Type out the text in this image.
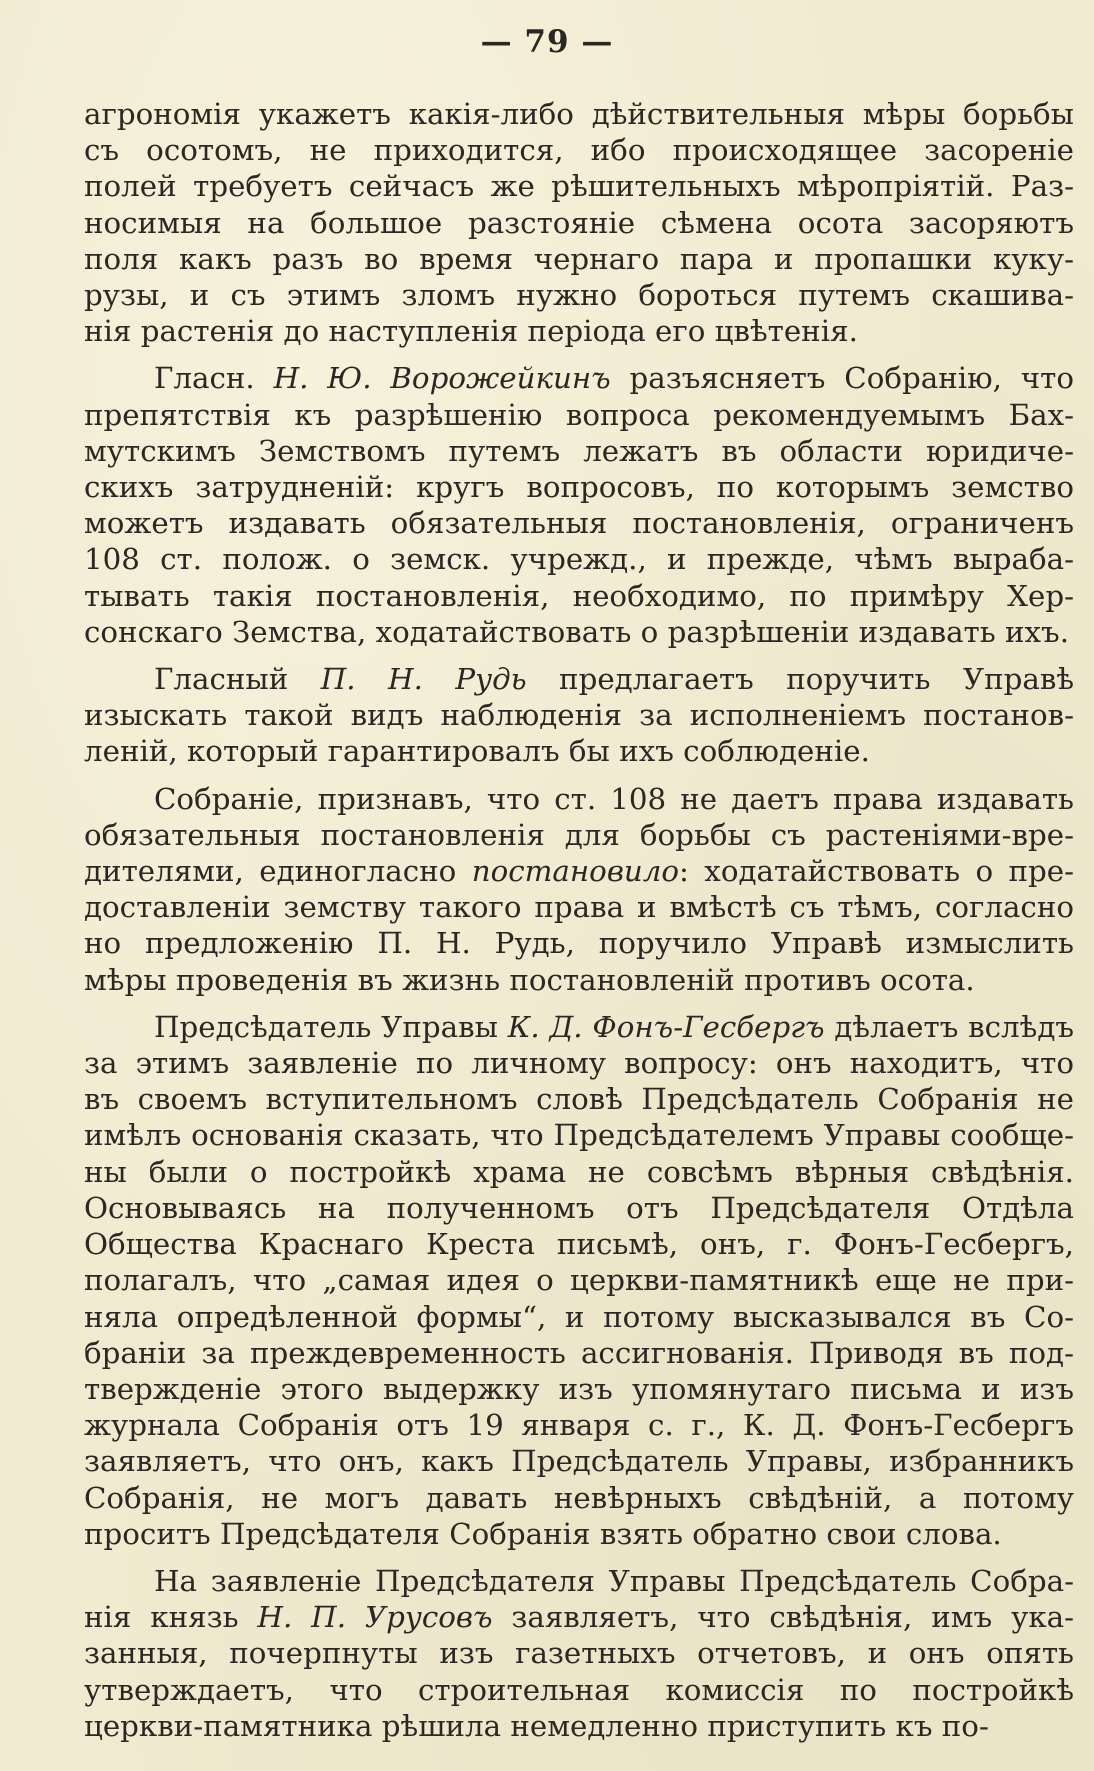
— 79 —
агрономія укажетъ какія-либо дѣйствительныя мѣры борьбы
съ осотомъ, не приходится, ибо происходящее засореніе
полей требуетъ сейчасъ же рѣшительныхъ мѣропріятій. Раз-
носимыя на большое разстояніе сѣмена осота засоряютъ
поля какъ разъ во время чернаго пара и пропашки куку-
рузы, и съ этимъ зломъ нужно бороться путемъ скашива-
нія растенія до наступленія періода его цвѣтенія.
Гласн. Н. Ю. Ворожейкинъ разъясняетъ Собранію, что
препятствія къ разрѣшенію вопроса рекомендуемымъ Бах-
мутскимъ Земствомъ путемъ лежатъ въ области юридиче-
скихъ затрудненій: кругъ вопросовъ, по которымъ земство
можетъ издавать обязательныя постановленія, ограниченъ
108 ст. полож. о земск. учрежд., и прежде, чѣмъ выраба-
тывать такія постановленія, необходимо, по примѣру Хер-
сонскаго Земства, ходатайствовать о разрѣшеніи издавать ихъ.
Гласный П. Н. Рудь предлагаетъ поручить Управѣ
изыскать такой видъ наблюденія за исполненіемъ постанов-
леній, который гарантировалъ бы ихъ соблюденіе.
Собраніе, признавъ, что ст. 108 не даетъ права издавать
обязательныя постановленія для борьбы съ растеніями-вре-
дителями, единогласно постановило: ходатайствовать о пре-
доставленіи земству такого права и вмѣстѣ съ тѣмъ, согласно
но предложенію П. Н. Рудь, поручило Управѣ измыслить
мѣры проведенія въ жизнь постановленій противъ осота.
Предсѣдатель Управы К. Д. Фонъ-Гесбергъ дѣлаетъ вслѣдъ
за этимъ заявленіе по личному вопросу: онъ находитъ, что
въ своемъ вступительномъ словѣ Предсѣдатель Собранія не
имѣлъ основанія сказать, что Предсѣдателемъ Управы сообще-
ны были о постройкѣ храма не совсѣмъ вѣрныя свѣдѣнія.
Основываясь на полученномъ отъ Предсѣдателя Отдѣла
Общества Краснаго Креста письмѣ, онъ, г. Фонъ-Гесбергъ,
полагалъ, что „самая идея о церкви-памятникѣ еще не при-
няла опредѣленной формы“, и потому высказывался въ Со-
браніи за преждевременность ассигнованія. Приводя въ под-
твержденіе этого выдержку изъ упомянутаго письма и изъ
журнала Собранія отъ 19 января с. г., К. Д. Фонъ-Гесбергъ
заявляетъ, что онъ, какъ Предсѣдатель Управы, избранникъ
Собранія, не могъ давать невѣрныхъ свѣдѣній, а потому
проситъ Предсѣдателя Собранія взять обратно свои слова.
На заявленіе Предсѣдателя Управы Предсѣдатель Собра-
нія князь Н. П. Урусовъ заявляетъ, что свѣдѣнія, имъ ука-
занныя, почерпнуты изъ газетныхъ отчетовъ, и онъ опять
утверждаетъ, что строительная комиссія по постройкѣ
церкви-памятника рѣшила немедленно приступить къ по-
